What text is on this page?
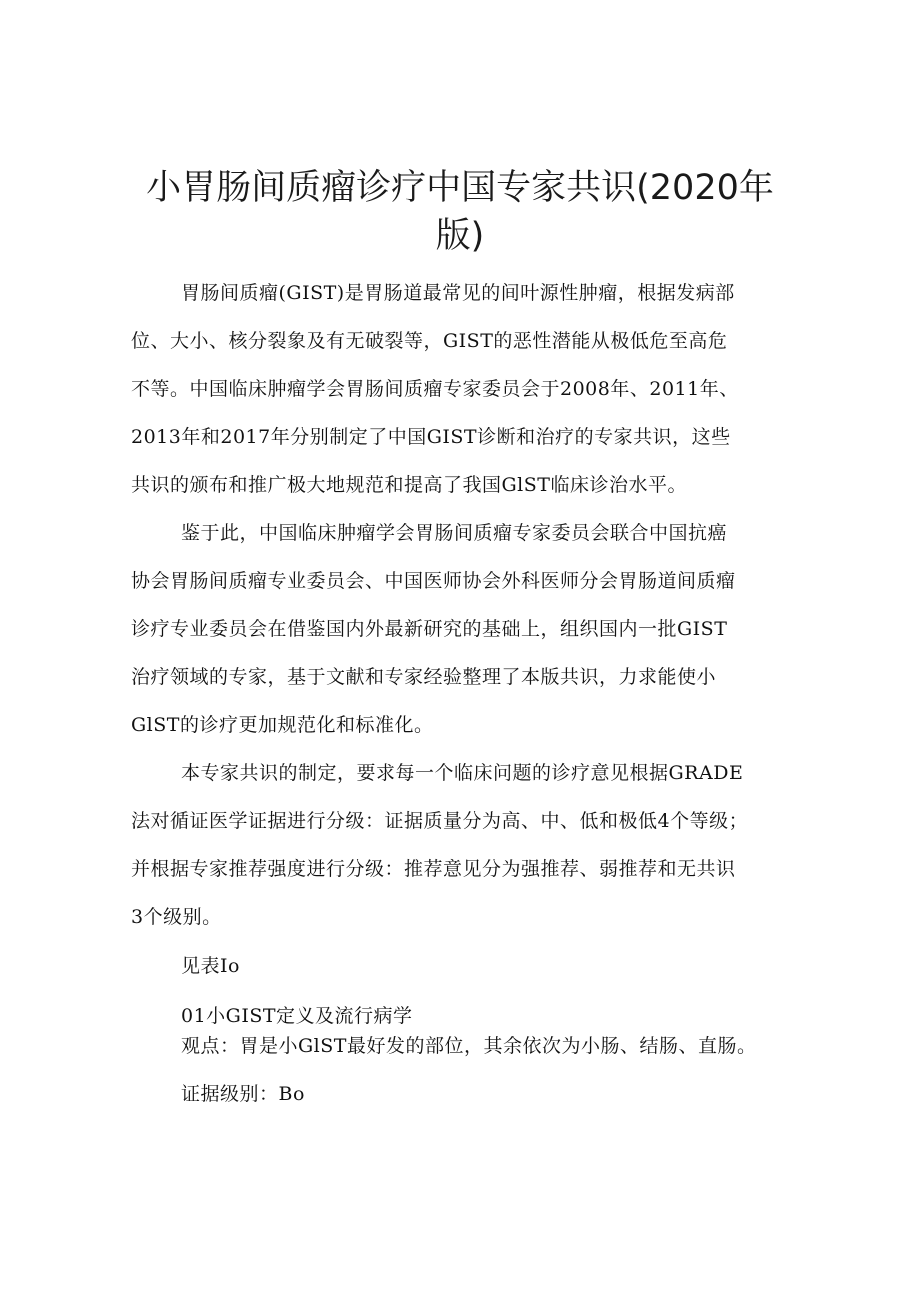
小胃肠间质瘤诊疗中国专家共识(2020年
版)
胃肠间质瘤(GIST)是胃肠道最常见的间叶源性肿瘤，根据发病部
位、大小、核分裂象及有无破裂等，GIST的恶性潜能从极低危至高危
不等。中国临床肿瘤学会胃肠间质瘤专家委员会于2008年、2011年、
2013年和2017年分别制定了中国GIST诊断和治疗的专家共识，这些
共识的颁布和推广极大地规范和提高了我国GlST临床诊治水平。
鉴于此，中国临床肿瘤学会胃肠间质瘤专家委员会联合中国抗癌
协会胃肠间质瘤专业委员会、中国医师协会外科医师分会胃肠道间质瘤
诊疗专业委员会在借鉴国内外最新研究的基础上，组织国内一批GIST
治疗领域的专家，基于文献和专家经验整理了本版共识，力求能使小
GlST的诊疗更加规范化和标准化。
本专家共识的制定，要求每一个临床问题的诊疗意见根据GRADE
法对循证医学证据进行分级：证据质量分为高、中、低和极低4个等级；
并根据专家推荐强度进行分级：推荐意见分为强推荐、弱推荐和无共识
3个级别。
见表Io
01小GIST定义及流行病学
观点：胃是小GlST最好发的部位，其余依次为小肠、结肠、直肠。
证据级别：Bo
